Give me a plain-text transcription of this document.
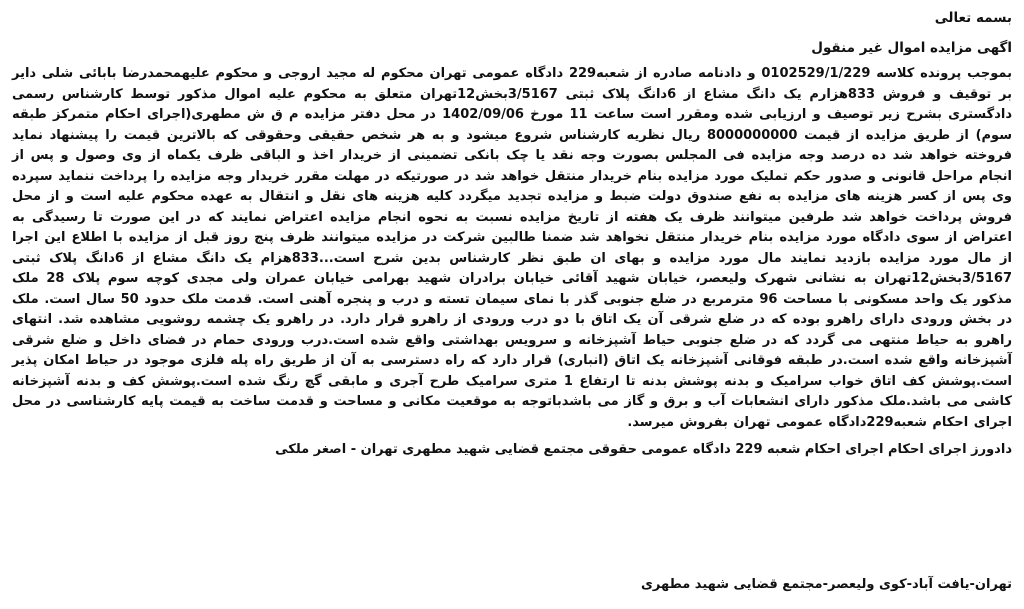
بسمه تعالی
اگهی مزایده اموال غیر منقول
بموجب پرونده کلاسه 0102529/1/229 و دادنامه صادره از شعبه229 دادگاه عمومی تهران محکوم له مجید اروجی و محکوم علیهمحمدرضا بابائی شلی دایر بر توقیف و فروش 833هزارم یک دانگ مشاع از 6دانگ پلاک ثبتی 3/5167بخش12تهران متعلق به محکوم علیه اموال مذکور توسط کارشناس رسمی دادگستری بشرح زیر توصیف و ارزیابی شده ومقرر است ساعت 11 مورخ 1402/09/06 در محل دفتر مزایده م ق ش مطهری(اجرای احکام متمرکز طبقه سوم) از طریق مزایده از قیمت 8000000000 ریال نظریه کارشناس شروع میشود و به هر شخص حقیقی وحقوقی که بالاترین قیمت را پیشنهاد نماید فروخته خواهد شد ده درصد وجه مزایده فی المجلس بصورت وجه نقد یا چک بانکی تضمینی از خریدار اخذ و الباقی ظرف یکماه از وی وصول و پس از انجام مراحل قانونی و صدور حکم تملیک مورد مزایده بنام خریدار منتقل خواهد شد در صورتیکه در مهلت مقرر خریدار وجه مزایده را پرداخت ننماید سپرده وی پس از کسر هزینه های مزایده به نفع صندوق دولت ضبط و مزایده تجدید میگردد کلیه هزینه های نقل و انتقال به عهده محکوم علیه است و از محل فروش پرداخت خواهد شد طرفین میتوانند ظرف یک هفته از تاریخ مزایده نسبت به نحوه انجام مزایده اعتراض نمایند که در این صورت تا رسیدگی به اعتراض از سوی دادگاه مورد مزایده بنام خریدار منتقل نخواهد شد ضمنا طالبین شرکت در مزایده میتوانند ظرف پنج روز قبل از مزایده با اطلاع این اجرا از مال مورد مزایده بازدید نمایند مال مورد مزایده و بهای ان طبق نظر کارشناس بدین شرح است...833هزام یک دانگ مشاع از 6دانگ پلاک ثبتی 3/5167بخش12تهران به نشانی شهرک ولیعصر، خیابان شهید آقائی خیابان برادران شهید بهرامی خیابان عمران ولی مجدی کوچه سوم پلاک 28 ملک مذکور یک واحد مسکونی با مساحت 96 مترمربع در ضلع جنوبی گذر با نمای سیمان تسته و درب و پنجره آهنی است. قدمت ملک حدود 50 سال است. ملک در بخش ورودی دارای راهرو بوده که در ضلع شرقی آن یک اتاق با دو درب ورودی از راهرو قرار دارد. در راهرو یک چشمه روشویی مشاهده شد. انتهای راهرو به حیاط منتهی می گردد که در ضلع جنوبی حیاط آشپزخانه و سرویس بهداشتی واقع شده است.درب ورودی حمام در فضای داخل و ضلع شرقی آشپزخانه واقع شده است.در طبقه فوقانی آشپزخانه یک اتاق (انباری) قرار دارد که راه دسترسی به آن از طریق راه پله فلزی موجود در حیاط امکان پذیر است.پوشش کف اتاق خواب سرامیک و بدنه پوشش بدنه تا ارتفاع 1 متری سرامیک طرح آجری و مابقی گچ رنگ شده است.پوشش کف و بدنه آشپزخانه کاشی می باشد.ملک مذکور دارای انشعابات آب و برق و گاز می باشدباتوجه به موقعیت مکانی و مساحت و قدمت ساخت به قیمت پایه کارشناسی در محل اجرای احکام شعبه229دادگاه عمومی تهران بفروش میرسد.
دادورز اجرای احکام اجرای احکام شعبه 229 دادگاه عمومی حقوقی مجتمع قضایی شهید مطهری تهران - اصغر ملکی
تهران-یافت آباد-کوی ولیعصر-مجتمع قضایی شهید مطهری
